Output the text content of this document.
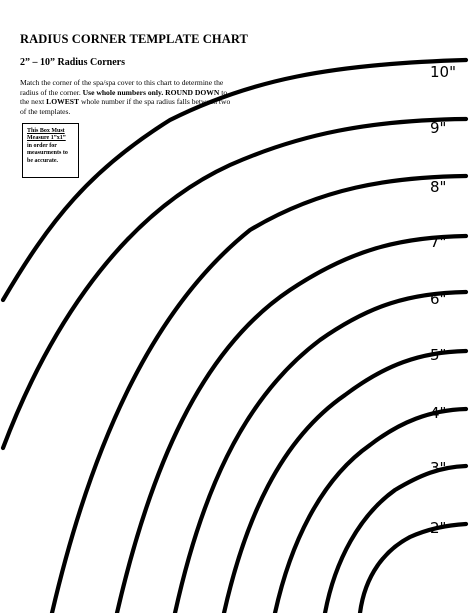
RADIUS CORNER TEMPLATE CHART
2” – 10” Radius Corners
Match the corner of the spa/spa cover to this chart to determine the radius of the corner. Use whole numbers only. ROUND DOWN to the next LOWEST whole number if the spa radius falls between two of the templates.
This Box Must
Measure 1”x1”
in order for measurments to be accurate.
10"
9"
8"
7"
6"
5"
4"
3"
2"
